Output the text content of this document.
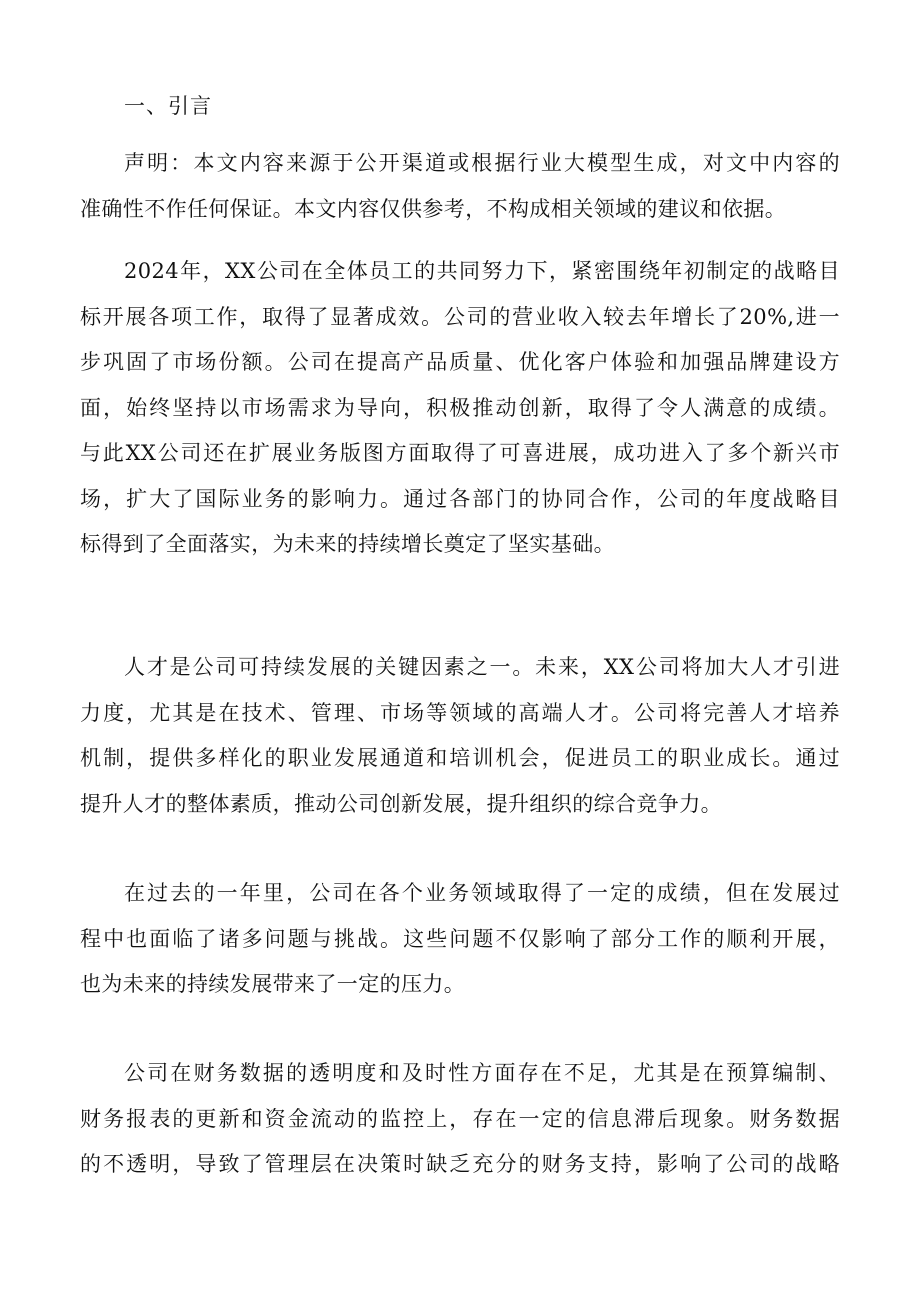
一、引言
声明：本文内容来源于公开渠道或根据行业大模型生成，对文中内容的
准确性不作任何保证。本文内容仅供参考，不构成相关领域的建议和依据。
2024年，XX公司在全体员工的共同努力下，紧密围绕年初制定的战略目
标开展各项工作，取得了显著成效。公司的营业收入较去年增长了20%,进一
步巩固了市场份额。公司在提高产品质量、优化客户体验和加强品牌建设方
面，始终坚持以市场需求为导向，积极推动创新，取得了令人满意的成绩。
与此XX公司还在扩展业务版图方面取得了可喜进展，成功进入了多个新兴市
场，扩大了国际业务的影响力。通过各部门的协同合作，公司的年度战略目
标得到了全面落实，为未来的持续增长奠定了坚实基础。
人才是公司可持续发展的关键因素之一。未来，XX公司将加大人才引进
力度，尤其是在技术、管理、市场等领域的高端人才。公司将完善人才培养
机制，提供多样化的职业发展通道和培训机会，促进员工的职业成长。通过
提升人才的整体素质，推动公司创新发展，提升组织的综合竞争力。
在过去的一年里，公司在各个业务领域取得了一定的成绩，但在发展过
程中也面临了诸多问题与挑战。这些问题不仅影响了部分工作的顺利开展，
也为未来的持续发展带来了一定的压力。
公司在财务数据的透明度和及时性方面存在不足，尤其是在预算编制、
财务报表的更新和资金流动的监控上，存在一定的信息滞后现象。财务数据
的不透明，导致了管理层在决策时缺乏充分的财务支持，影响了公司的战略
